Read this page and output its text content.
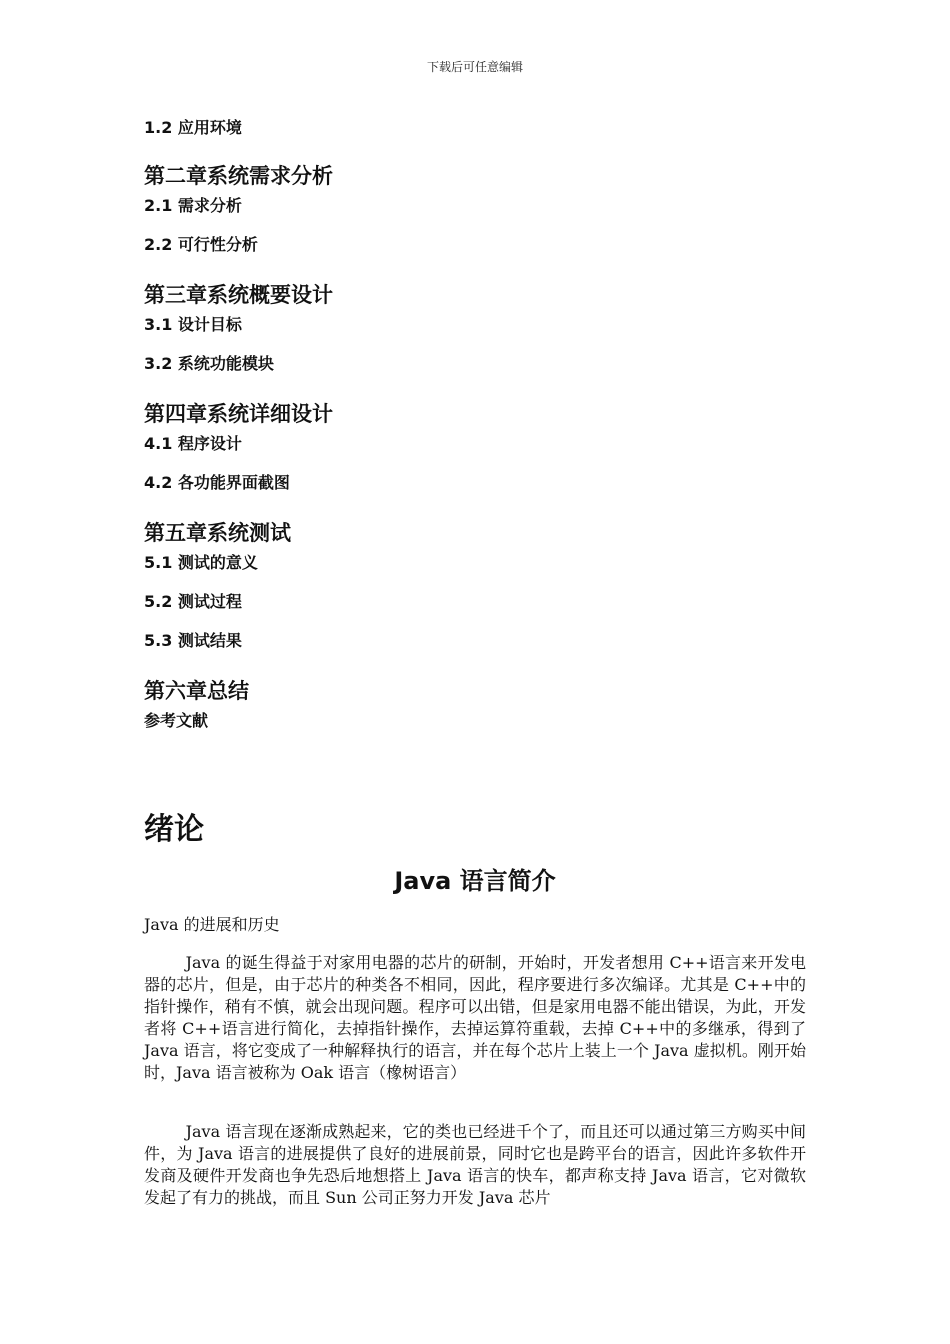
下载后可任意编辑
1.2 应用环境
第二章系统需求分析
2.1 需求分析
2.2 可行性分析
第三章系统概要设计
3.1 设计目标
3.2 系统功能模块
第四章系统详细设计
4.1 程序设计
4.2 各功能界面截图
第五章系统测试
5.1 测试的意义
5.2 测试过程
5.3 测试结果
第六章总结
参考文献
绪论
Java 语言简介
Java 的进展和历史

Java 的诞生得益于对家用电器的芯片的研制，开始时，开发者想用 C++语言来开发电器的芯片，但是，由于芯片的种类各不相同，因此，程序要进行多次编译。尤其是 C++中的指针操作，稍有不慎，就会出现问题。程序可以出错，但是家用电器不能出错误，为此，开发者将 C++语言进行简化，去掉指针操作，去掉运算符重载，去掉 C++中的多继承，得到了 Java 语言，将它变成了一种解释执行的语言，并在每个芯片上装上一个 Java 虚拟机。刚开始时，Java 语言被称为 Oak 语言（橡树语言）

Java 语言现在逐渐成熟起来，它的类也已经进千个了，而且还可以通过第三方购买中间件，为 Java 语言的进展提供了良好的进展前景，同时它也是跨平台的语言，因此许多软件开发商及硬件开发商也争先恐后地想搭上 Java 语言的快车，都声称支持 Java 语言，它对微软发起了有力的挑战，而且 Sun 公司正努力开发 Java 芯片
